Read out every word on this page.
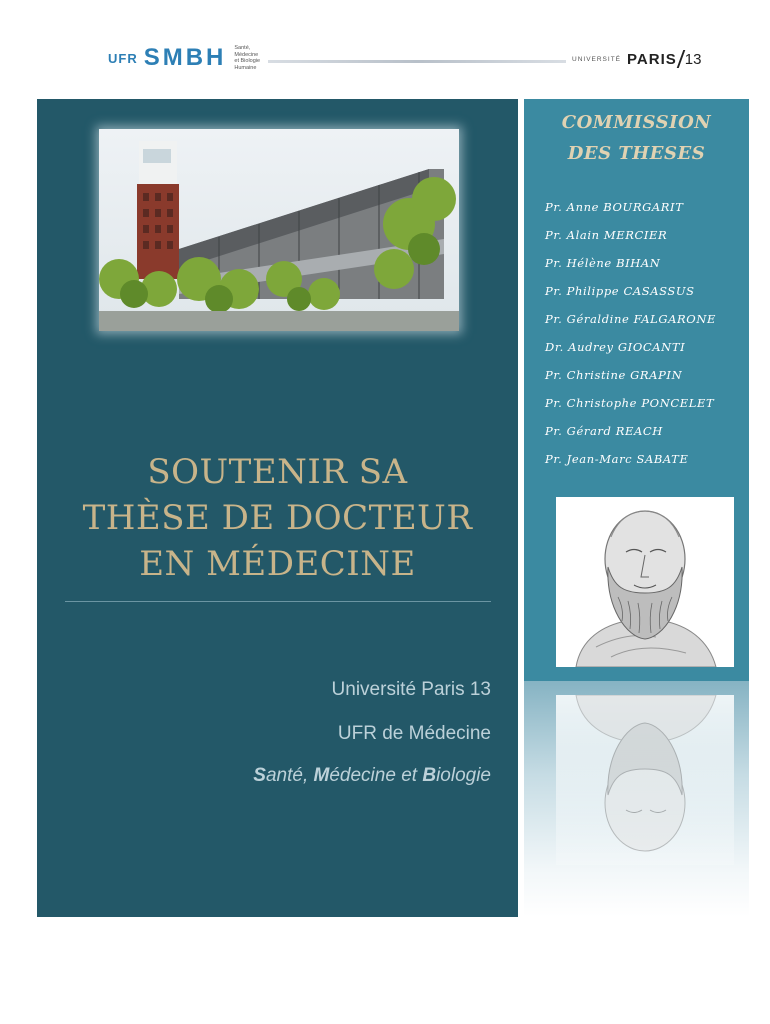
UFR SMBH Santé,
Médecine
et Biologie
Humaine
UNIVERSITÉ PARIS 13
SOUTENIR SA
THÈSE DE DOCTEUR
EN MÉDECINE
Université Paris 13
UFR de Médecine
Santé, Médecine et Biologie
COMMISSION
DES THESES
Pr. Anne BOURGARIT
Pr. Alain MERCIER
Pr. Hélène BIHAN
Pr. Philippe CASASSUS
Pr. Géraldine FALGARONE
Dr. Audrey GIOCANTI
Pr. Christine GRAPIN
Pr. Christophe PONCELET
Pr. Gérard REACH
Pr. Jean-Marc SABATE
